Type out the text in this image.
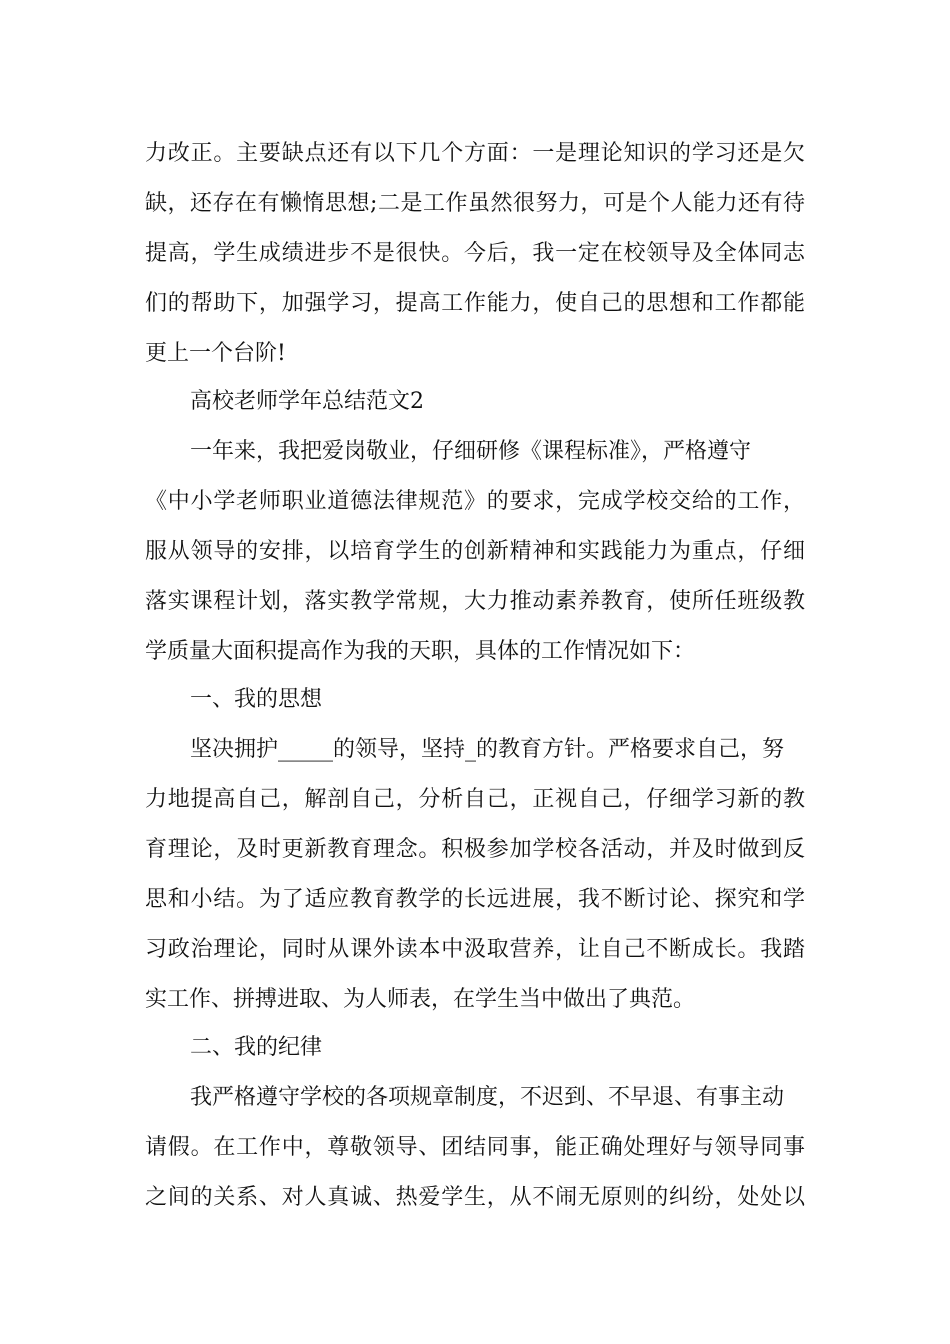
力改正。主要缺点还有以下几个方面：一是理论知识的学习还是欠
缺，还存在有懒惰思想;二是工作虽然很努力，可是个人能力还有待
提高，学生成绩进步不是很快。今后，我一定在校领导及全体同志
们的帮助下，加强学习，提高工作能力，使自己的思想和工作都能
更上一个台阶!
高校老师学年总结范文2
一年来，我把爱岗敬业，仔细研修《课程标准》，严格遵守
《中小学老师职业道德法律规范》的要求，完成学校交给的工作，
服从领导的安排，以培育学生的创新精神和实践能力为重点，仔细
落实课程计划，落实教学常规，大力推动素养教育，使所任班级教
学质量大面积提高作为我的天职，具体的工作情况如下：
一、我的思想
坚决拥护_____的领导，坚持_的教育方针。严格要求自己，努
力地提高自己，解剖自己，分析自己，正视自己，仔细学习新的教
育理论，及时更新教育理念。积极参加学校各活动，并及时做到反
思和小结。为了适应教育教学的长远进展，我不断讨论、探究和学
习政治理论，同时从课外读本中汲取营养，让自己不断成长。我踏
实工作、拼搏进取、为人师表，在学生当中做出了典范。
二、我的纪律
我严格遵守学校的各项规章制度，不迟到、不早退、有事主动
请假。在工作中，尊敬领导、团结同事，能正确处理好与领导同事
之间的关系、对人真诚、热爱学生，从不闹无原则的纠纷，处处以
